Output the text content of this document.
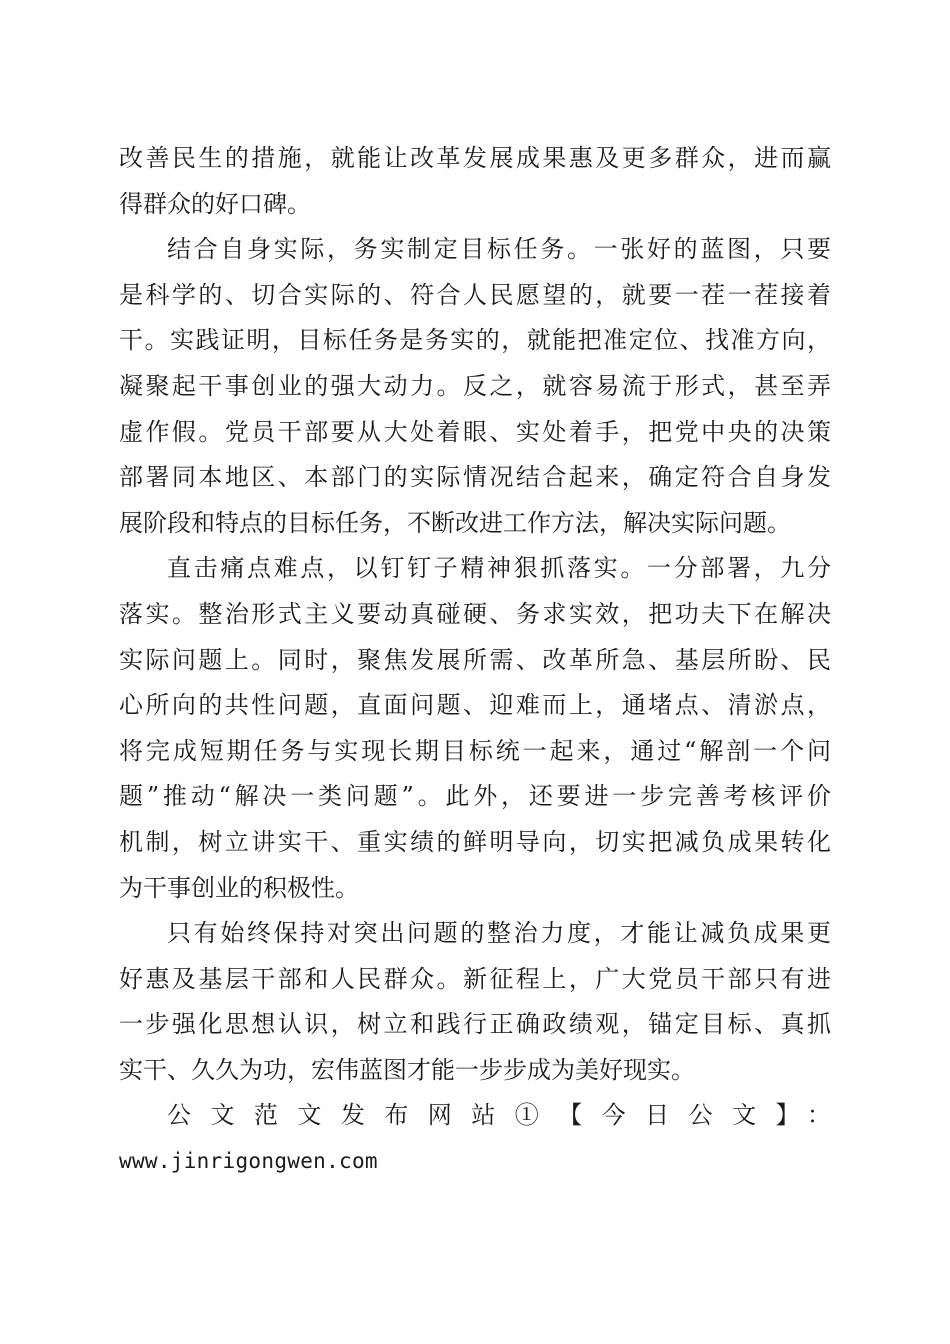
改善民生的措施，就能让改革发展成果惠及更多群众，进而赢
得群众的好口碑。
结合自身实际，务实制定目标任务。一张好的蓝图，只要
是科学的、切合实际的、符合人民愿望的，就要一茬一茬接着
干。实践证明，目标任务是务实的，就能把准定位、找准方向，
凝聚起干事创业的强大动力。反之，就容易流于形式，甚至弄
虚作假。党员干部要从大处着眼、实处着手，把党中央的决策
部署同本地区、本部门的实际情况结合起来，确定符合自身发
展阶段和特点的目标任务，不断改进工作方法，解决实际问题。
直击痛点难点，以钉钉子精神狠抓落实。一分部署，九分
落实。整治形式主义要动真碰硬、务求实效，把功夫下在解决
实际问题上。同时，聚焦发展所需、改革所急、基层所盼、民
心所向的共性问题，直面问题、迎难而上，通堵点、清淤点，
将完成短期任务与实现长期目标统一起来，通过“解剖一个问
题”推动“解决一类问题”。此外，还要进一步完善考核评价
机制，树立讲实干、重实绩的鲜明导向，切实把减负成果转化
为干事创业的积极性。
只有始终保持对突出问题的整治力度，才能让减负成果更
好惠及基层干部和人民群众。新征程上，广大党员干部只有进
一步强化思想认识，树立和践行正确政绩观，锚定目标、真抓
实干、久久为功，宏伟蓝图才能一步步成为美好现实。
公文范文发布网站①【今日公文】：
www.jinrigongwen.com
